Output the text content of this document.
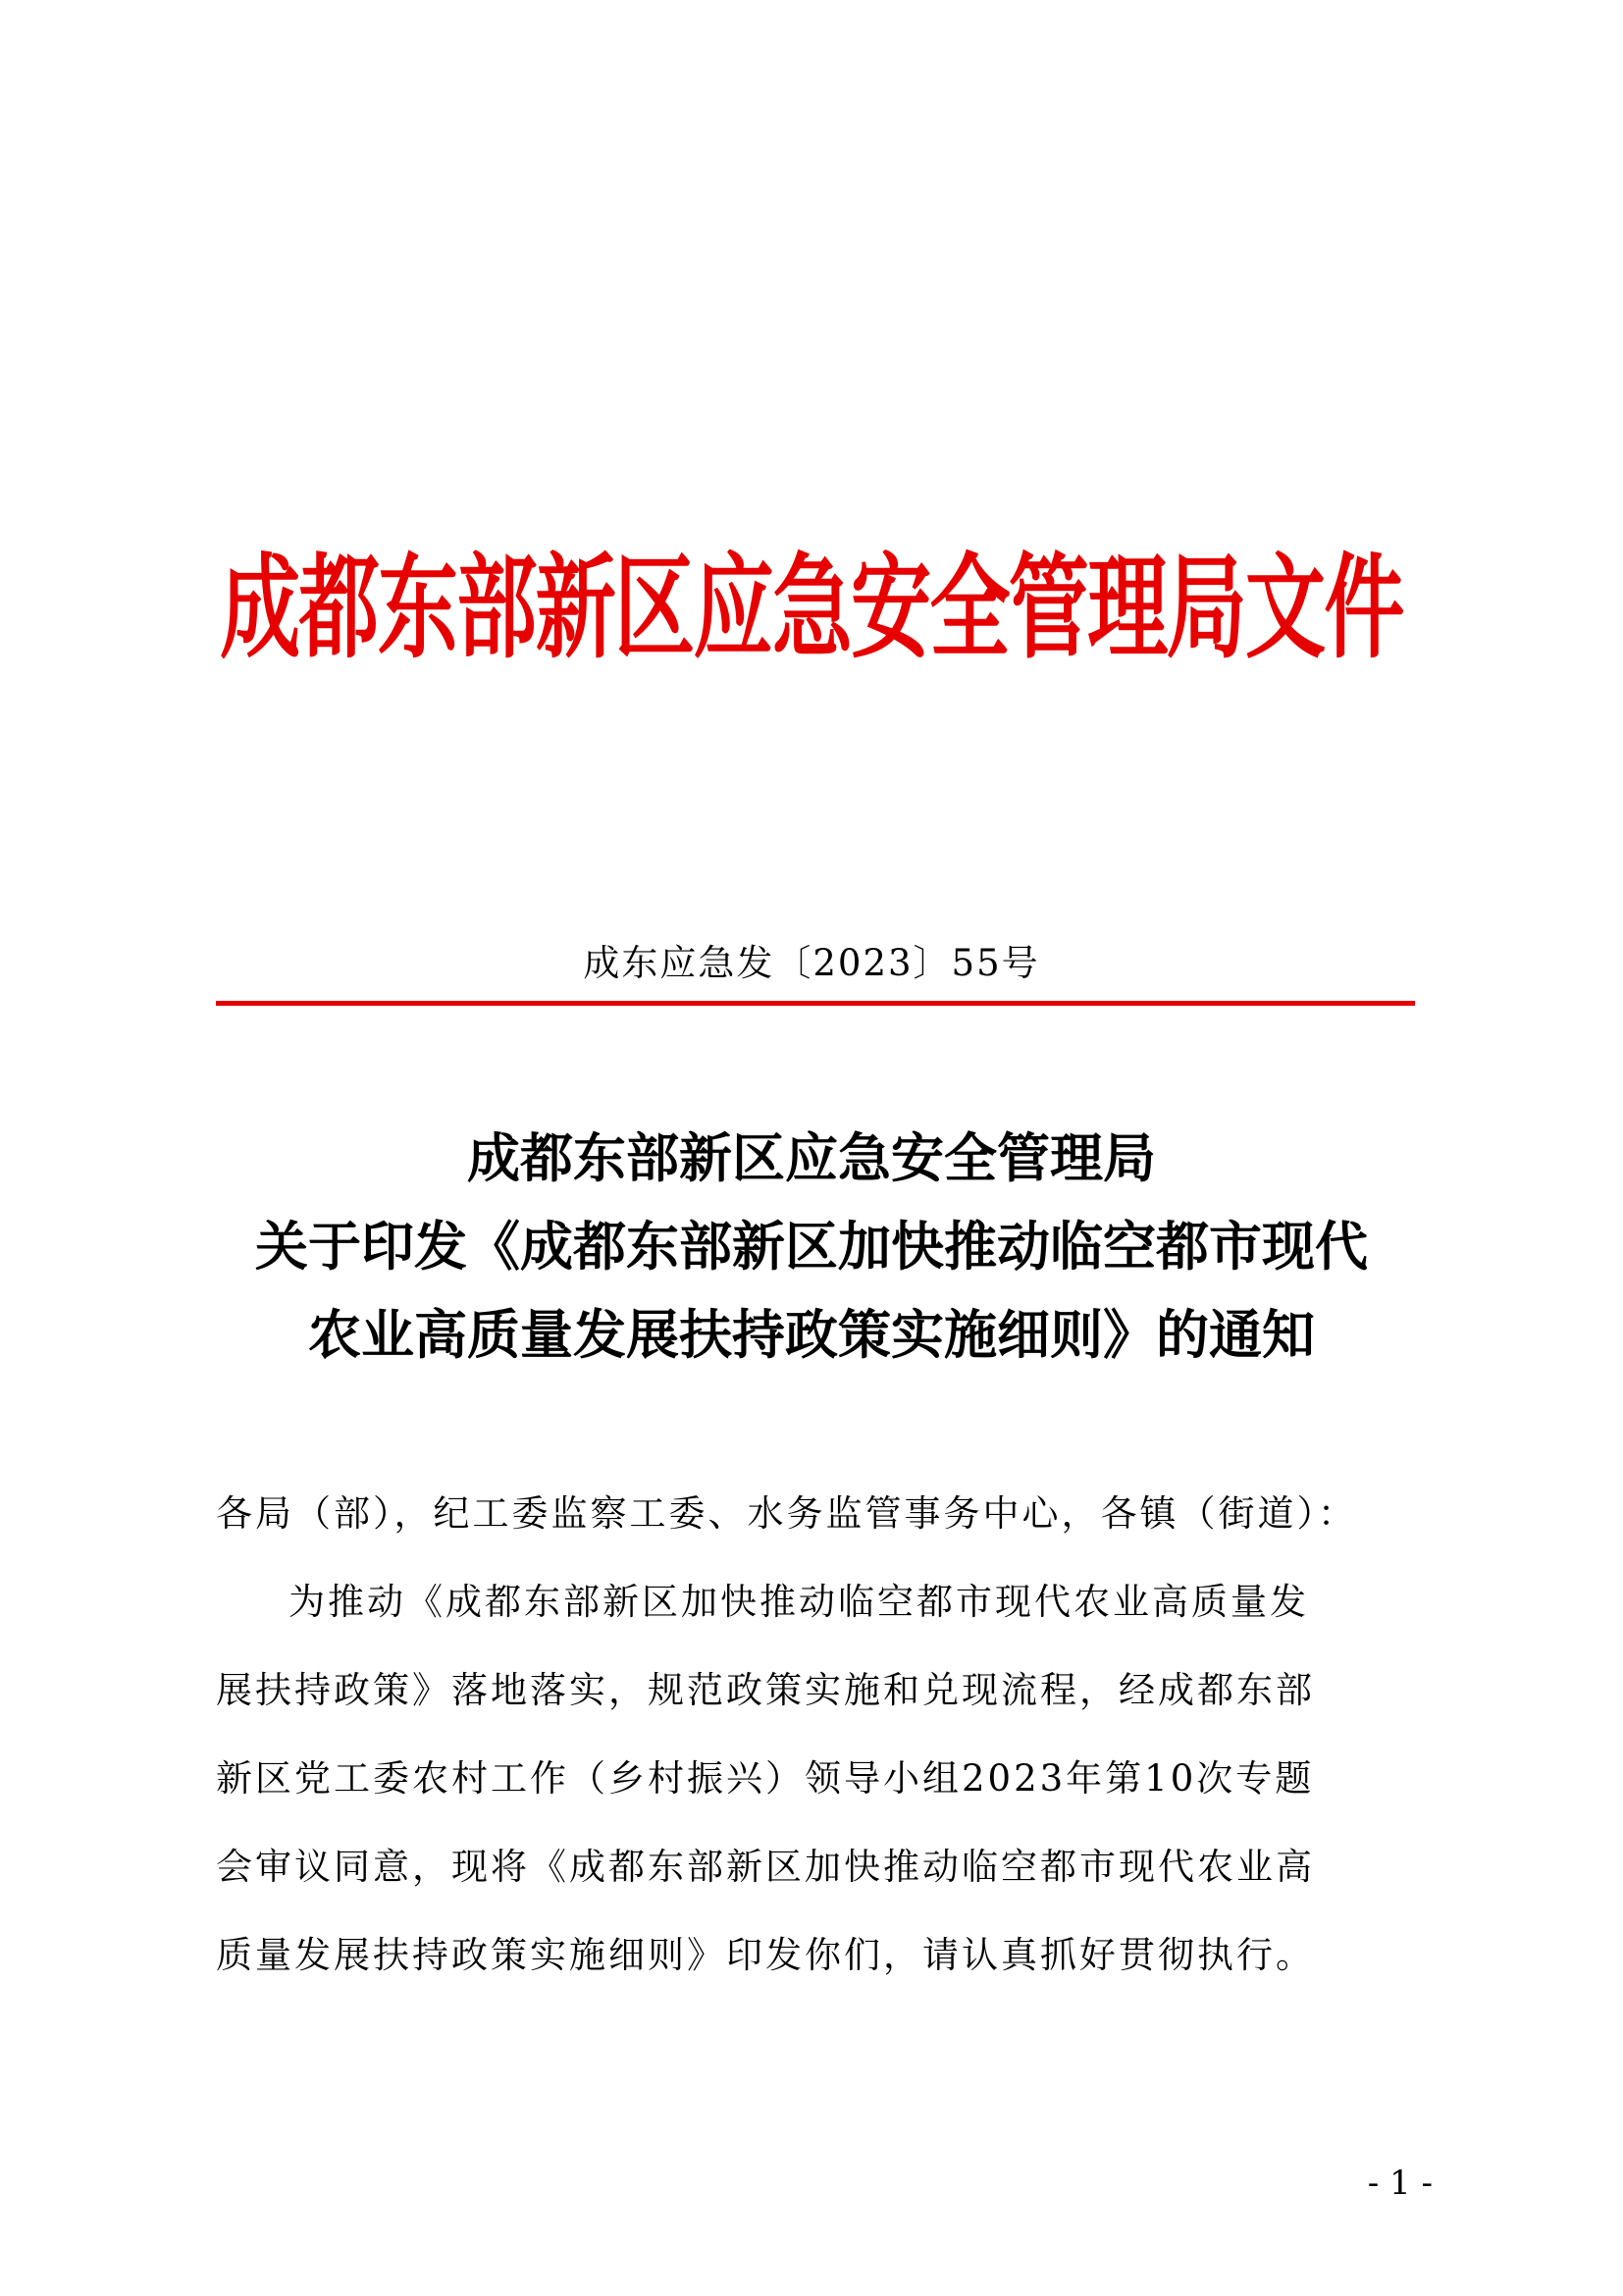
成都东部新区应急安全管理局文件
成东应急发〔2023〕55号
成都东部新区应急安全管理局
关于印发《成都东部新区加快推动临空都市现代
农业高质量发展扶持政策实施细则》的通知
各局（部），纪工委监察工委、水务监管事务中心，各镇（街道）：
为推动《成都东部新区加快推动临空都市现代农业高质量发
展扶持政策》落地落实，规范政策实施和兑现流程，经成都东部
新区党工委农村工作（乡村振兴）领导小组2023年第10次专题
会审议同意，现将《成都东部新区加快推动临空都市现代农业高
质量发展扶持政策实施细则》印发你们，请认真抓好贯彻执行。
- 1 -
